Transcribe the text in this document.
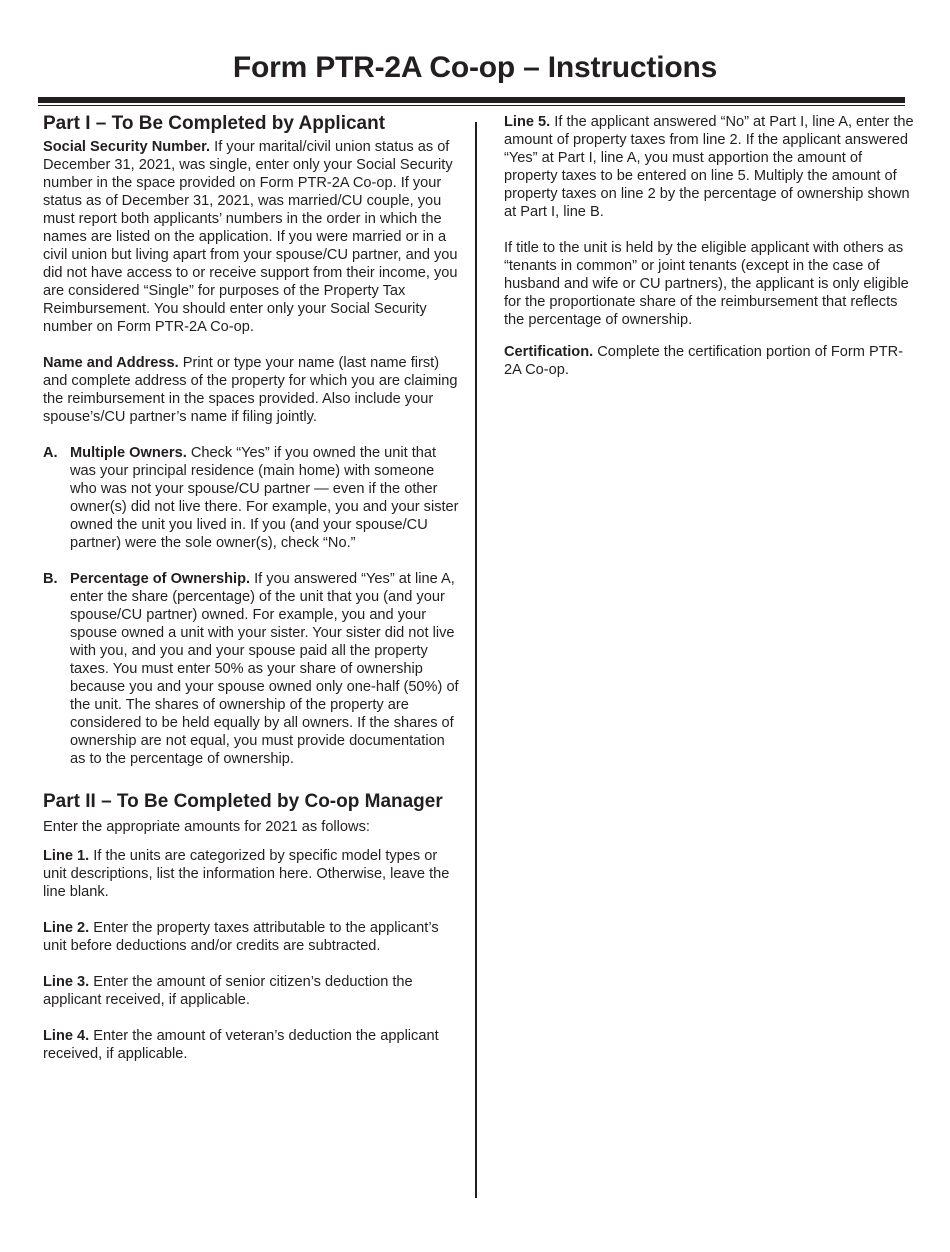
Form PTR-2A Co-op – Instructions
Part I – To Be Completed by Applicant

Social Security Number. If your marital/civil union status as of December 31, 2021, was single, enter only your Social Security number in the space provided on Form PTR-2A Co-op. If your status as of December 31, 2021, was married/CU couple, you must report both applicants’ numbers in the order in which the names are listed on the application. If you were married or in a civil union but living apart from your spouse/CU partner, and you did not have access to or receive support from their income, you are considered “Single” for purposes of the Property Tax Reimbursement. You should enter only your Social Security number on Form PTR-2A Co-op.

Name and Address. Print or type your name (last name first) and complete address of the property for which you are claiming the reimbursement in the spaces provided. Also include your spouse’s/CU partner’s name if filing jointly.

A. Multiple Owners. Check “Yes” if you owned the unit that was your principal residence (main home) with someone who was not your spouse/CU partner — even if the other owner(s) did not live there. For example, you and your sister owned the unit you lived in. If you (and your spouse/CU partner) were the sole owner(s), check “No.”

B. Percentage of Ownership. If you answered “Yes” at line A, enter the share (percentage) of the unit that you (and your spouse/CU partner) owned. For example, you and your spouse owned a unit with your sister. Your sister did not live with you, and you and your spouse paid all the property taxes. You must enter 50% as your share of ownership because you and your spouse owned only one-half (50%) of the unit. The shares of ownership of the property are considered to be held equally by all owners. If the shares of ownership are not equal, you must provide documentation as to the percentage of ownership.

Part II – To Be Completed by Co-op Manager

Enter the appropriate amounts for 2021 as follows:

Line 1. If the units are categorized by specific model types or unit descriptions, list the information here. Otherwise, leave the line blank.

Line 2. Enter the property taxes attributable to the applicant’s unit before deductions and/or credits are subtracted.

Line 3. Enter the amount of senior citizen’s deduction the applicant received, if applicable.

Line 4. Enter the amount of veteran’s deduction the applicant received, if applicable.

Line 5. If the applicant answered “No” at Part I, line A, enter the amount of property taxes from line 2. If the applicant answered “Yes” at Part I, line A, you must apportion the amount of property taxes to be entered on line 5. Multiply the amount of property taxes on line 2 by the percentage of ownership shown at Part I, line B.

If title to the unit is held by the eligible applicant with others as “tenants in common” or joint tenants (except in the case of husband and wife or CU partners), the applicant is only eligible for the proportionate share of the reimbursement that reflects the percentage of ownership.

Certification. Complete the certification portion of Form PTR-2A Co-op.
